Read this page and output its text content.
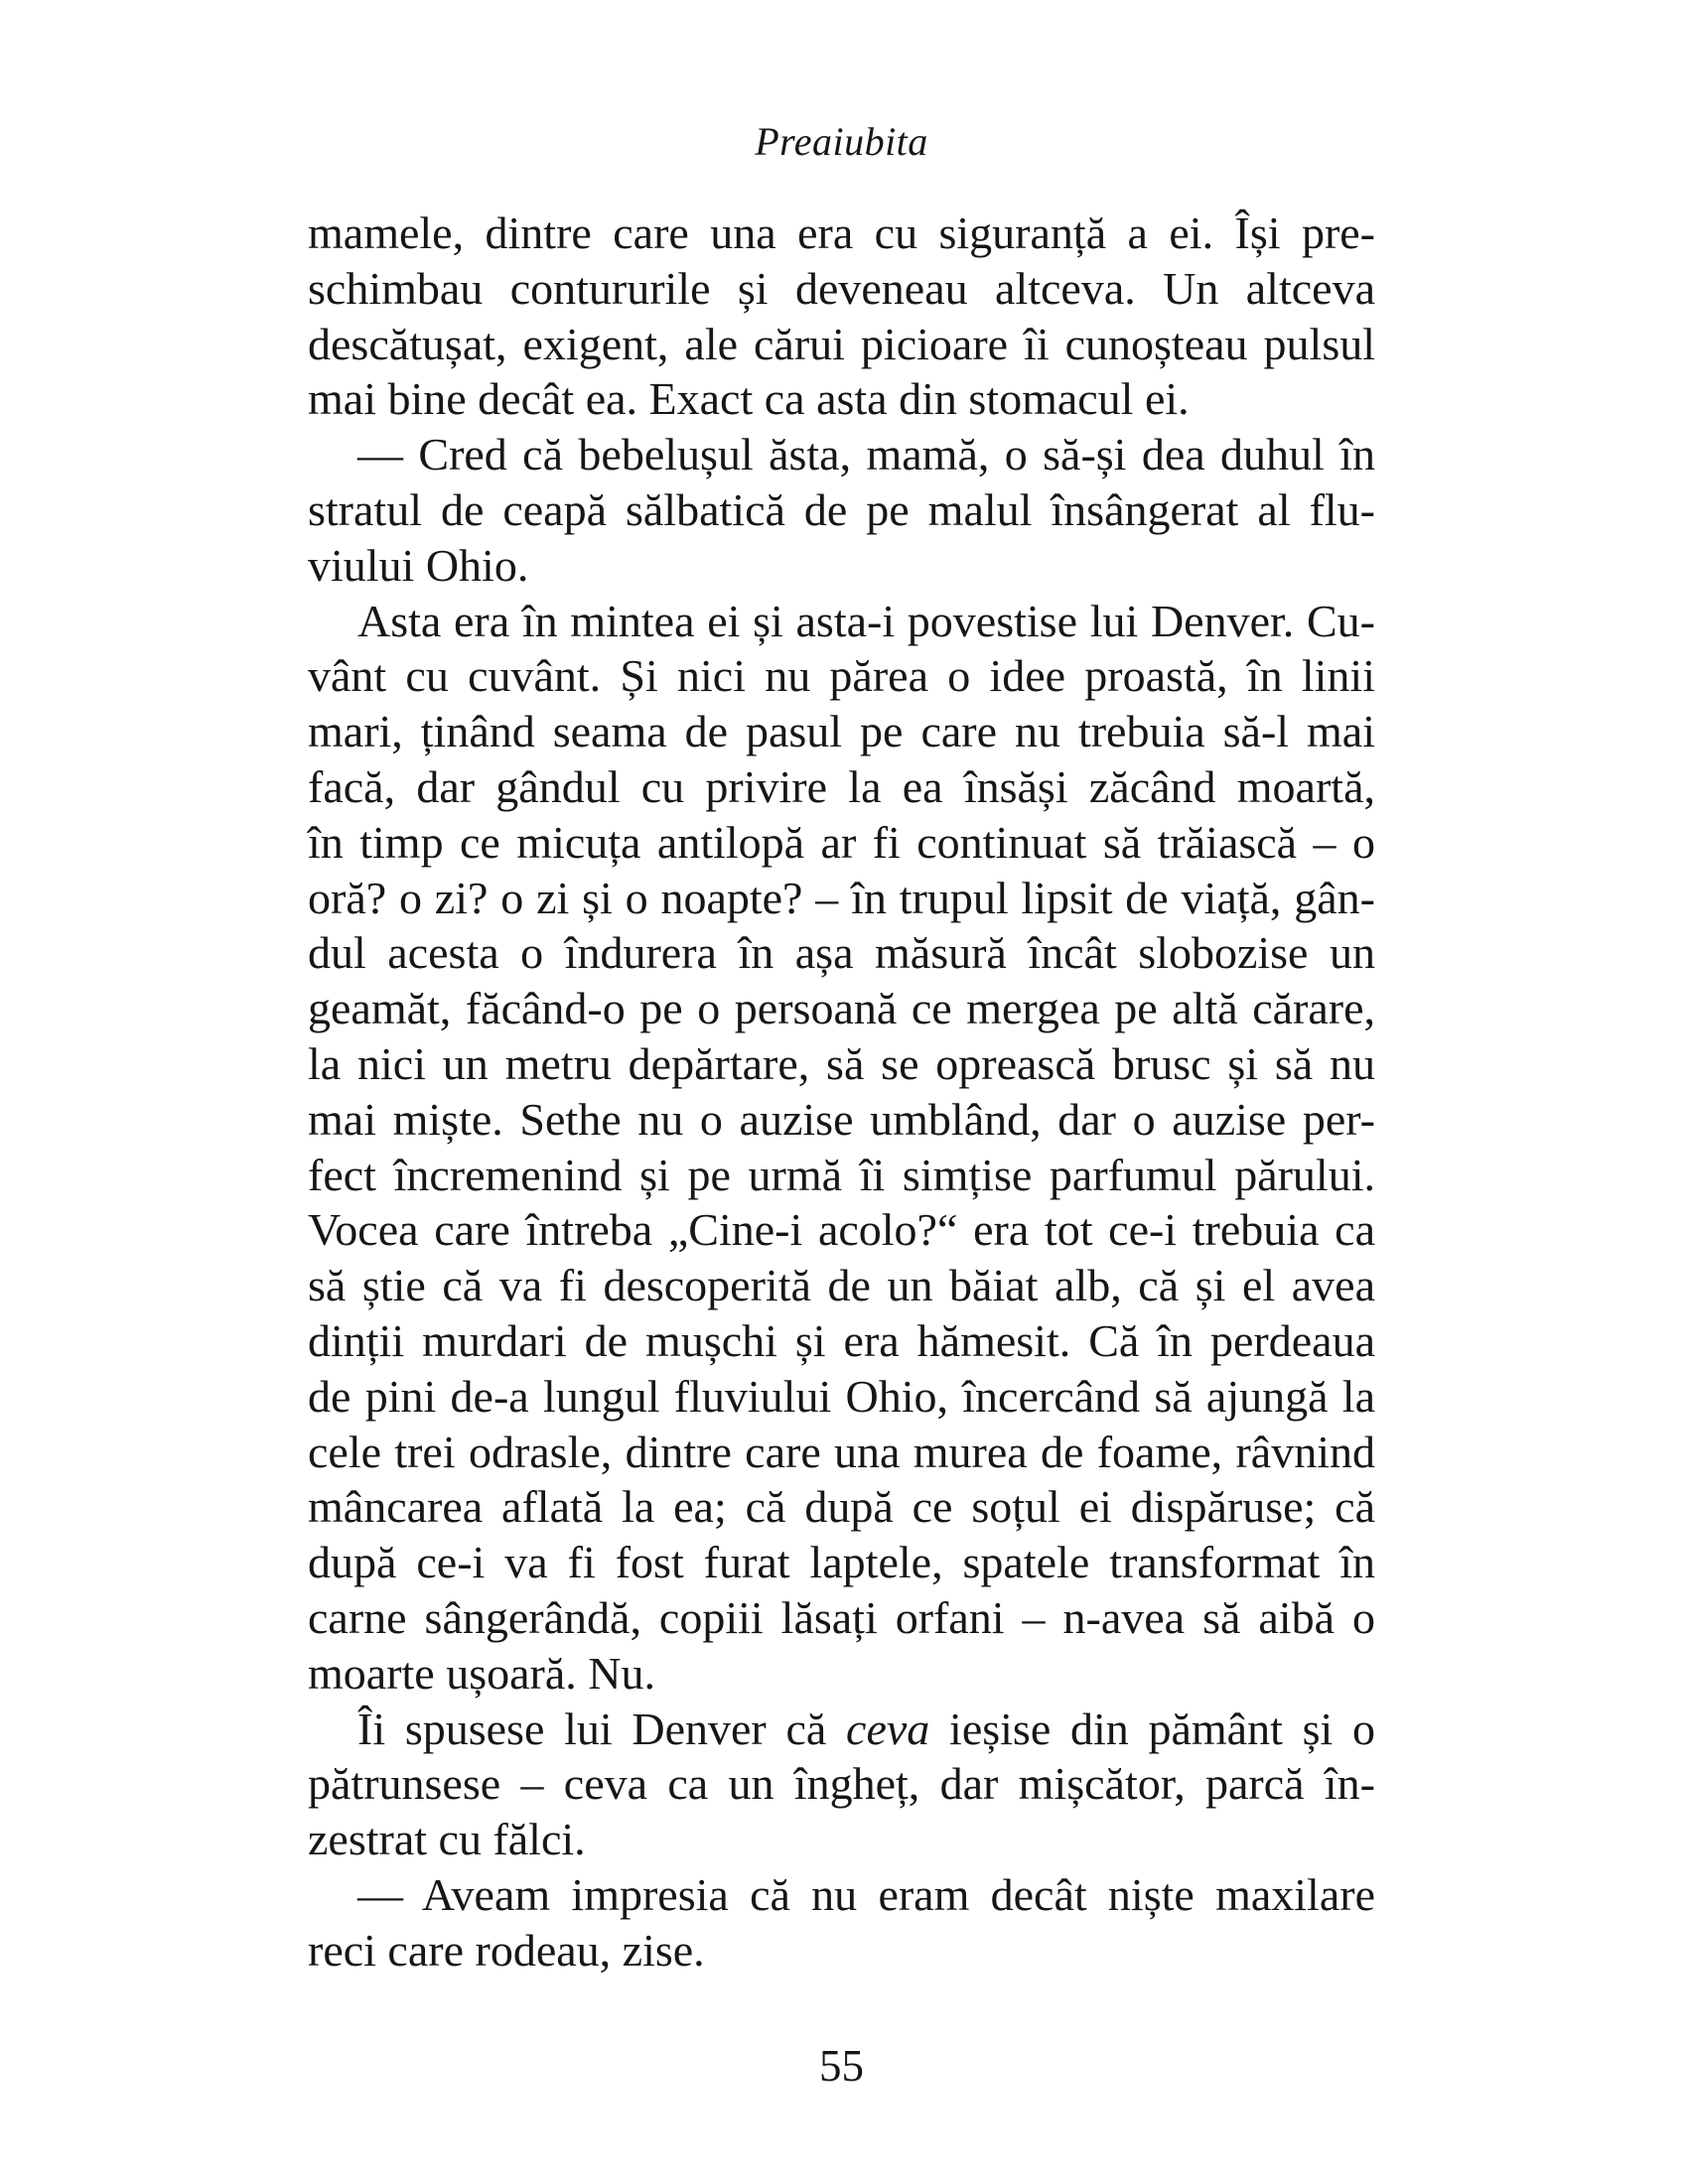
Preaiubita
mamele, dintre care una era cu siguranță a ei. Își pre-
schimbau contururile și deveneau altceva. Un altceva
descătușat, exigent, ale cărui picioare îi cunoșteau pulsul
mai bine decât ea. Exact ca asta din stomacul ei.
— Cred că bebelușul ăsta, mamă, o să-și dea duhul în
stratul de ceapă sălbatică de pe malul însângerat al flu-
viului Ohio.
Asta era în mintea ei și asta-i povestise lui Denver. Cu-
vânt cu cuvânt. Și nici nu părea o idee proastă, în linii
mari, ținând seama de pasul pe care nu trebuia să-l mai
facă, dar gândul cu privire la ea însăși zăcând moartă,
în timp ce micuța antilopă ar fi continuat să trăiască – o
oră? o zi? o zi și o noapte? – în trupul lipsit de viață, gân-
dul acesta o îndurera în așa măsură încât slobozise un
geamăt, făcând-o pe o persoană ce mergea pe altă cărare,
la nici un metru depărtare, să se oprească brusc și să nu
mai miște. Sethe nu o auzise umblând, dar o auzise per-
fect încremenind și pe urmă îi simțise parfumul părului.
Vocea care întreba „Cine-i acolo?“ era tot ce-i trebuia ca
să știe că va fi descoperită de un băiat alb, că și el avea
dinții murdari de mușchi și era hămesit. Că în perdeaua
de pini de-a lungul fluviului Ohio, încercând să ajungă la
cele trei odrasle, dintre care una murea de foame, râvnind
mâncarea aflată la ea; că după ce soțul ei dispăruse; că
după ce-i va fi fost furat laptele, spatele transformat în
carne sângerândă, copiii lăsați orfani – n-avea să aibă o
moarte ușoară. Nu.
Îi spusese lui Denver că ceva ieșise din pământ și o
pătrunsese – ceva ca un îngheț, dar mișcător, parcă în-
zestrat cu fălci.
— Aveam impresia că nu eram decât niște maxilare
reci care rodeau, zise.
55
